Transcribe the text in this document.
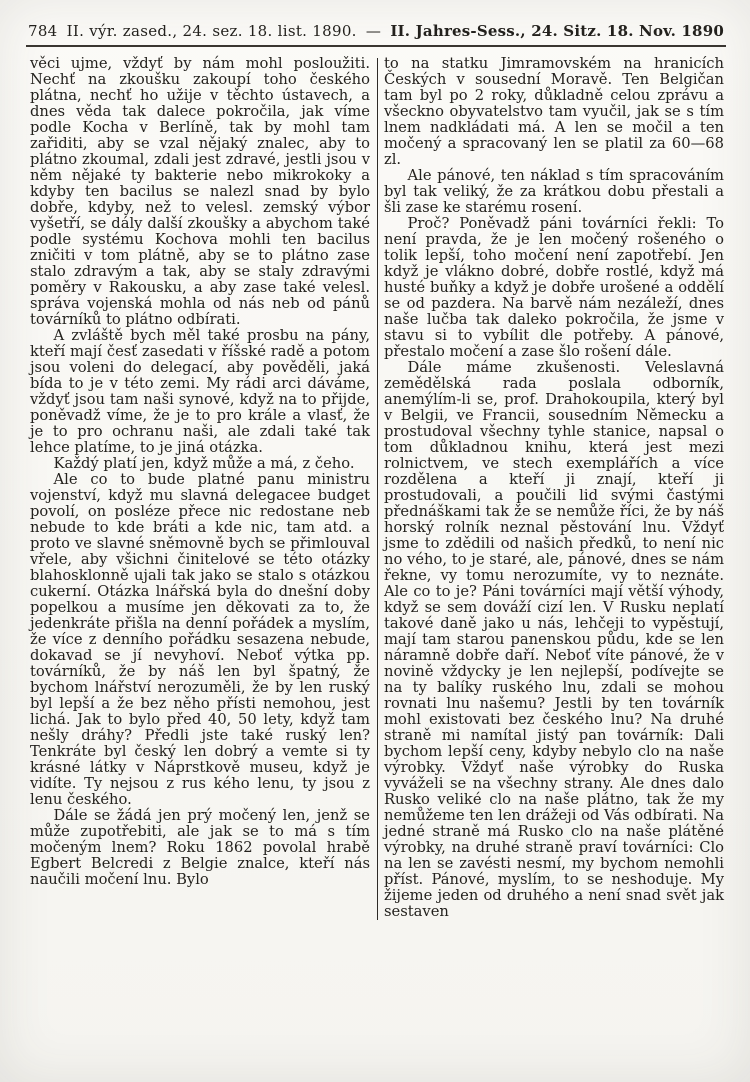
784 II. výr. zased., 24. sez. 18. list. 1890. — II. Jahres-Sess., 24. Sitz. 18. Nov. 1890

věci ujme, vždyť by nám mohl posloužiti. Nechť na zkoušku zakoupí toho českého plátna, nechť ho užije v těchto ústavech, a dnes věda tak dalece pokročila, jak víme podle Kocha v Berlíně, tak by mohl tam zařiditi, aby se vzal nějaký znalec, aby to plátno zkoumal, zdali jest zdravé, jestli jsou v něm nějaké ty bakterie nebo mikrokoky a kdyby ten bacilus se nalezl snad by bylo dobře, kdyby, než to velesl. zemský výbor vyšetří, se dály další zkoušky a abychom také podle systému Kochova mohli ten bacilus zničiti v tom plátně, aby se to plátno zase stalo zdravým a tak, aby se staly zdravými poměry v Rakousku, a aby zase také velesl. správa vojenská mohla od nás neb od pánů továrníků to plátno odbírati.

A zvláště bych měl také prosbu na pány, kteří mají česť zasedati v říšské radě a potom jsou voleni do delegací, aby pověděli, jaká bída to je v této zemi. My rádi arci dáváme, vždyť jsou tam naši synové, když na to přijde, poněvadž víme, že je to pro krále a vlasť, že je to pro ochranu naši, ale zdali také tak lehce platíme, to je jiná otázka.

Každý platí jen, když může a má, z čeho.

Ale co to bude platné panu ministru vojenství, když mu slavná delegacee budget povolí, on posléze přece nic redostane neb nebude to kde bráti a kde nic, tam atd. a proto ve slavné sněmovně bych se přimlouval vřele, aby všichni činitelové se této otázky blahosklonně ujali tak jako se stalo s otázkou cukerní. Otázka lnářská byla do dnešní doby popelkou a musíme jen děkovati za to, že jedenkráte přišla na denní pořádek a myslím, že více z denního pořádku sesazena nebude, dokavad se jí nevyhoví. Neboť výtka pp. továrníků, že by náš len byl špatný, že bychom lnářství nerozuměli, že by len ruský byl lepší a že bez něho přísti nemohou, jest lichá. Jak to bylo před 40, 50 lety, když tam nešly dráhy? Předli jste také ruský len? Tenkráte byl český len dobrý a vemte si ty krásné látky v Náprstkově museu, když je vidíte. Ty nejsou z rus kého lenu, ty jsou z lenu českého.

Dále se žádá jen prý močený len, jenž se může zupotřebiti, ale jak se to má s tím močeným lnem? Roku 1862 povolal hrabě Egbert Belcredi z Belgie znalce, kteří nás naučili močení lnu. Bylo

to na statku Jimramovském na hranicích Českých v sousední Moravě. Ten Belgičan tam byl po 2 roky, důkladně celou zprávu a všeckno obyvatelstvo tam vyučil, jak se s tím lnem nadkládati má. A len se močil a ten močený a spracovaný len se platil za 60—68 zl.

Ale pánové, ten náklad s tím spracováním byl tak veliký, že za krátkou dobu přestali a šli zase ke starému rosení.

Proč? Poněvadž páni továrníci řekli: To není pravda, že je len močený rošeného o tolik lepší, toho močení není zapotřebí. Jen když je vlákno dobré, dobře rostlé, když má husté buňky a když je dobře urošené a oddělí se od pazdera. Na barvě nám nezáleží, dnes naše lučba tak daleko pokročila, že jsme v stavu si to vybílit dle potřeby. A pánové, přestalo močení a zase šlo rošení dále.

Dále máme zkušenosti. Veleslavná zemědělská rada poslala odborník, anemýlím-li se, prof. Drahokoupila, který byl v Belgii, ve Francii, sousedním Německu a prostudoval všechny tyhle stanice, napsal o tom důkladnou knihu, která jest mezi rolnictvem, ve stech exemplářích a více rozdělena a kteří ji znají, kteří ji prostudovali, a poučili lid svými častými přednáškami tak že se nemůže říci, že by náš horský rolník neznal pěstování lnu. Vždyť jsme to zdědili od našich předků, to není nic no vého, to je staré, ale, pánové, dnes se nám řekne, vy tomu nerozumíte, vy to neznáte. Ale co to je? Páni továrníci mají větší výhody, když se sem dováží cizí len. V Rusku neplatí takové daně jako u nás, lehčeji to vypěstují, mají tam starou panenskou půdu, kde se len náramně dobře daří. Neboť víte pánové, že v novině vždycky je len nejlepší, podívejte se na ty balíky ruského lnu, zdali se mohou rovnati lnu našemu? Jestli by ten továrník mohl existovati bez českého lnu? Na druhé straně mi namítal jistý pan továrník: Dali bychom lepší ceny, kdyby nebylo clo na naše výrobky. Vždyť naše výrobky do Ruska vyváželi se na všechny strany. Ale dnes dalo Rusko veliké clo na naše plátno, tak že my nemůžeme ten len drážeji od Vás odbírati. Na jedné straně má Rusko clo na naše plátěné výrobky, na druhé straně praví továrníci: Clo na len se zavésti nesmí, my bychom nemohli příst. Pánové, myslím, to se neshoduje. My žijeme jeden od druhého a není snad svět jak sestaven
